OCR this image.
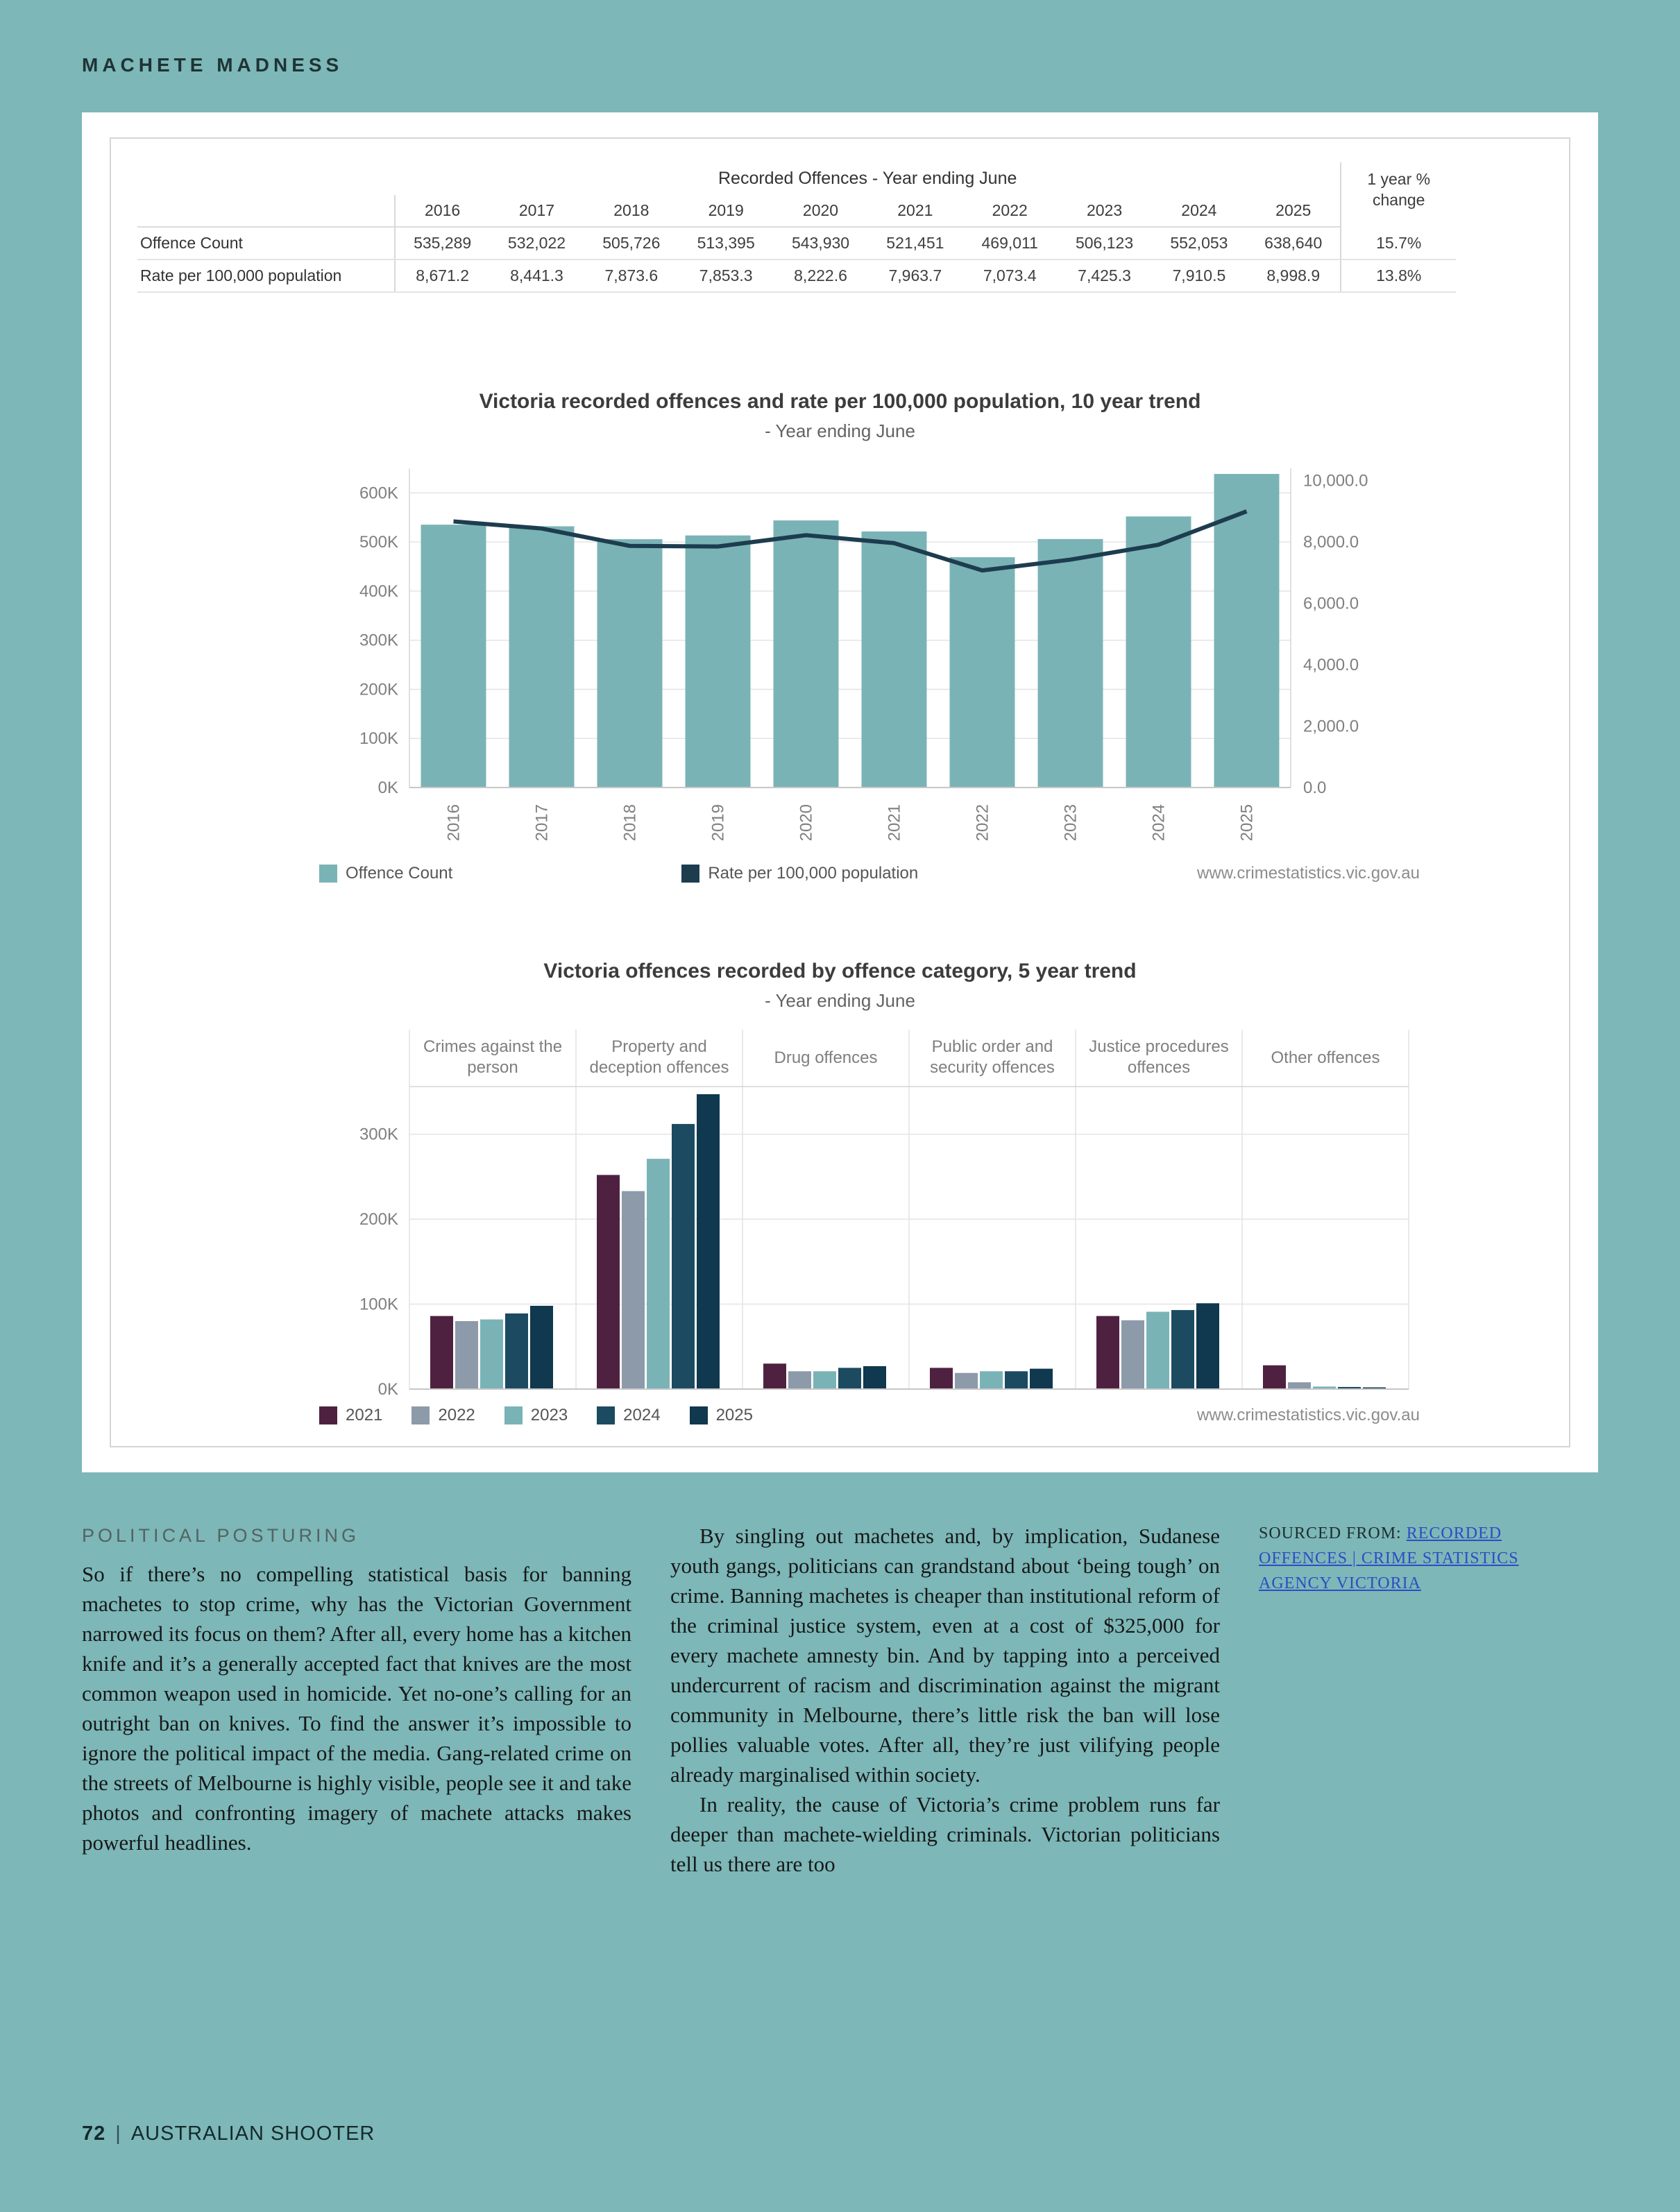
MACHETE MADNESS
	Recorded Offences - Year ending June										1 year % change
	2016	2017	2018	2019	2020	2021	2022	2023	2024	2025	
Offence Count	535,289	532,022	505,726	513,395	543,930	521,451	469,011	506,123	552,053	638,640	15.7%
Rate per 100,000 population	8,671.2	8,441.3	7,873.6	7,853.3	8,222.6	7,963.7	7,073.4	7,425.3	7,910.5	8,998.9	13.8%
Victoria recorded offences and rate per 100,000 population, 10 year trend
- Year ending June
0K
100K
200K
300K
400K
500K
600K
0.0
2,000.0
4,000.0
6,000.0
8,000.0
10,000.0
2016	2017	2018	2019	2020	2021	2022	2023	2024	2025
Offence Count	Rate per 100,000 population	www.crimestatistics.vic.gov.au
Victoria offences recorded by offence category, 5 year trend
- Year ending June
Crimes against the
person
Property and
deception offences
Drug offences
Public order and
security offences
Justice procedures
offences
Other offences
0K
100K
200K
300K
2021	2022	2023	2024	2025	www.crimestatistics.vic.gov.au
POLITICAL POSTURING

So if there’s no compelling statistical basis for banning machetes to stop crime, why has the Victorian Government narrowed its focus on them? After all, every home has a kitchen knife and it’s a generally accepted fact that knives are the most common weapon used in homicide. Yet no-one’s calling for an outright ban on knives. To find the answer it’s impossible to ignore the political impact of the media. Gang-related crime on the streets of Melbourne is highly visible, people see it and take photos and confronting imagery of machete attacks makes powerful headlines.

By singling out machetes and, by implication, Sudanese youth gangs, politicians can grandstand about ‘being tough’ on crime. Banning machetes is cheaper than institutional reform of the criminal justice system, even at a cost of $325,000 for every machete amnesty bin. And by tapping into a perceived undercurrent of racism and discrimination against the migrant community in Melbourne, there’s little risk the ban will lose pollies valuable votes. After all, they’re just vilifying people already marginalised within society.

In reality, the cause of Victoria’s crime problem runs far deeper than machete-wielding criminals. Victorian politicians tell us there are too

SOURCED FROM: RECORDED OFFENCES | CRIME STATISTICS AGENCY VICTORIA
72 | AUSTRALIAN SHOOTER
